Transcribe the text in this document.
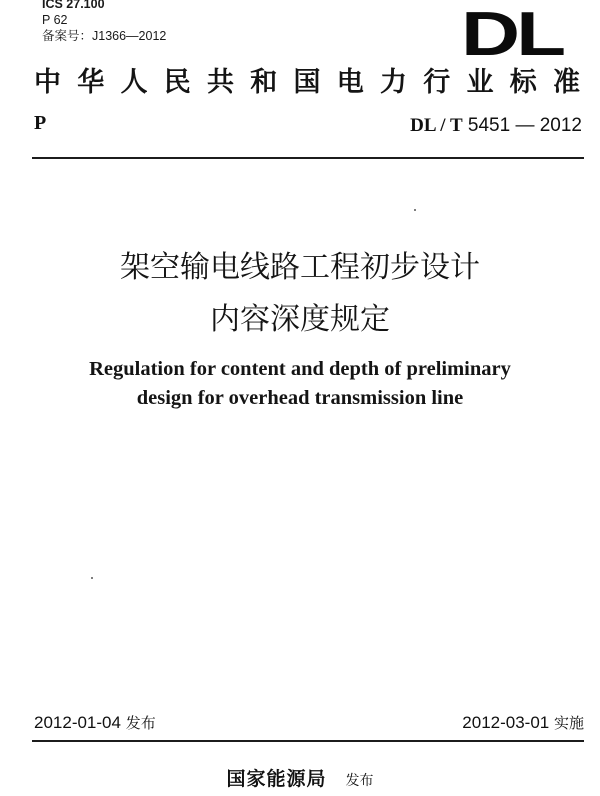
ICS 27.100
P 62
备案号：J1366—2012	DL
中 华 人 民 共 和 国 电 力 行 业 标 准
P	DL / T 5451 — 2012
架空输电线路工程初步设计
内容深度规定
Regulation for content and depth of preliminary
design for overhead transmission line
2012-01-04 发布	2012-03-01 实施
国家能源局 发布
